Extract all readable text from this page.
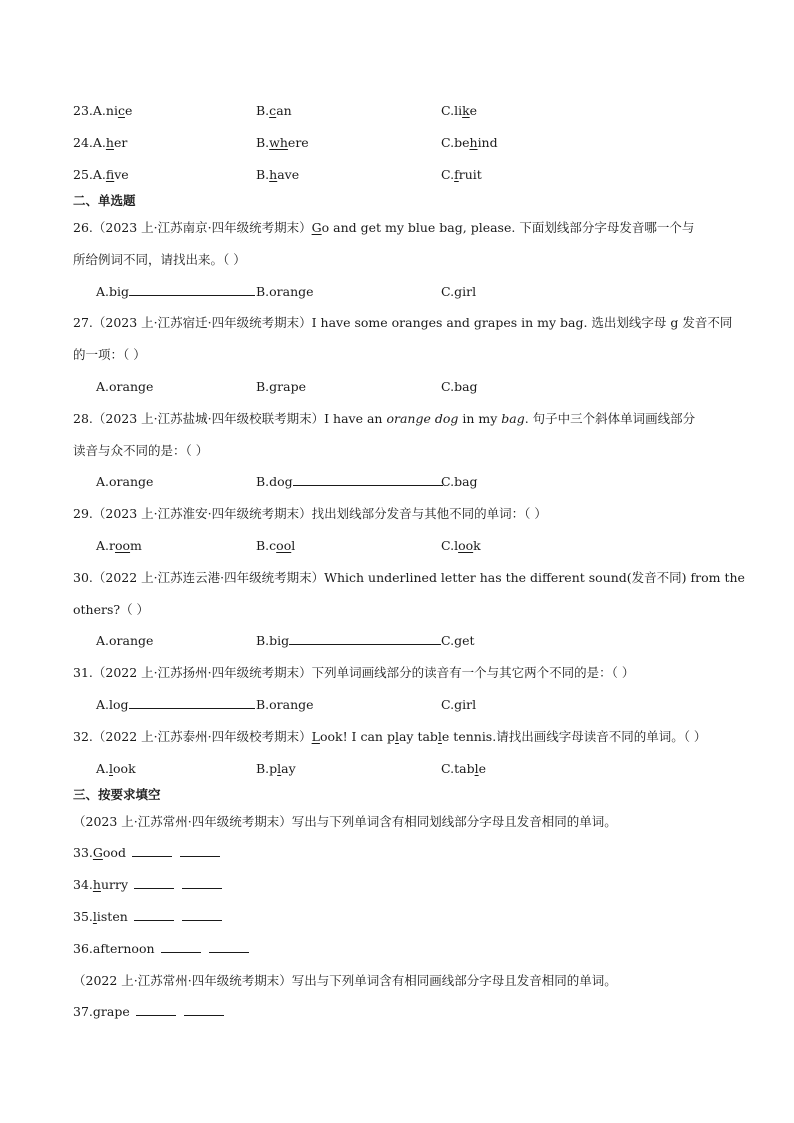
23.A.nice	B.can	C.like
24.A.her	B.where	C.behind
25.A.five	B.have	C.fruit
二、单选题
26.（2023 上·江苏南京·四年级统考期末）Go and get my blue bag, please. 下面划线部分字母发音哪一个与
所给例词不同，请找出来。（ ）
A.big	B.orange	C.girl
27.（2023 上·江苏宿迁·四年级统考期末）I have some oranges and grapes in my bag. 选出划线字母 g 发音不同
的一项：（ ）
A.orange	B.grape	C.bag
28.（2023 上·江苏盐城·四年级校联考期末）I have an orange dog in my bag. 句子中三个斜体单词画线部分
读音与众不同的是：（ ）
A.orange	B.dog	C.bag
29.（2023 上·江苏淮安·四年级统考期末）找出划线部分发音与其他不同的单词：（ ）
A.room	B.cool	C.look
30.（2022 上·江苏连云港·四年级统考期末）Which underlined letter has the different sound(发音不同) from the
others?（ ）
A.orange	B.big	C.get
31.（2022 上·江苏扬州·四年级统考期末）下列单词画线部分的读音有一个与其它两个不同的是：（ ）
A.log	B.orange	C.girl
32.（2022 上·江苏泰州·四年级校考期末）Look! I can play table tennis.请找出画线字母读音不同的单词。（ ）
A.look	B.play	C.table
三、按要求填空
（2023 上·江苏常州·四年级统考期末）写出与下列单词含有相同划线部分字母且发音相同的单词。
33.Good
34.hurry
35.listen
36.afternoon
（2022 上·江苏常州·四年级统考期末）写出与下列单词含有相同画线部分字母且发音相同的单词。
37.grape
